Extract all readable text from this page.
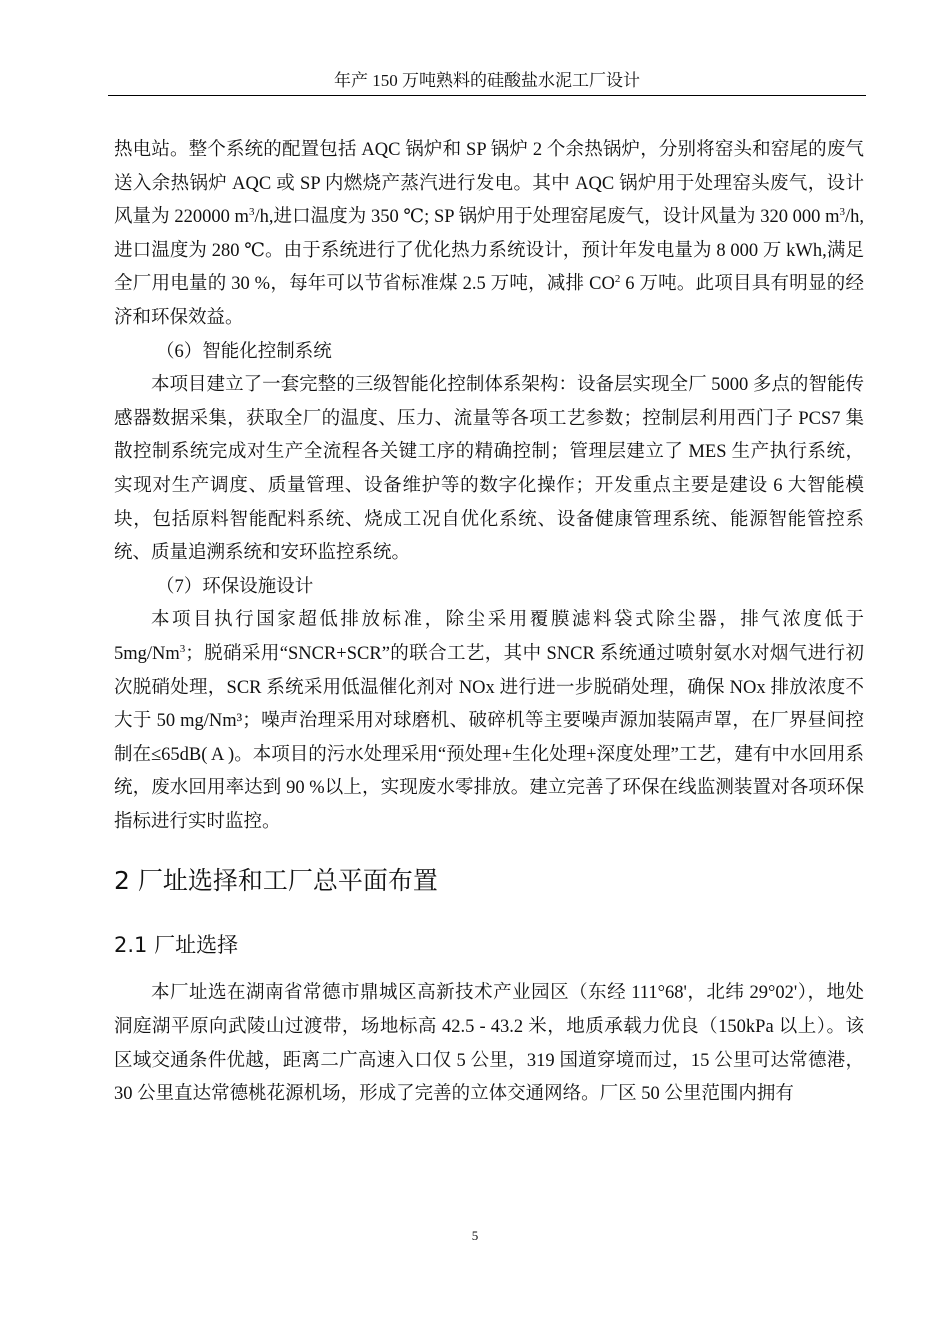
年产 150 万吨熟料的硅酸盐水泥工厂设计

热电站。整个系统的配置包括 AQC 锅炉和 SP 锅炉 2 个余热锅炉，分别将窑头和窑尾的废气送入余热锅炉 AQC 或 SP 内燃烧产蒸汽进行发电。其中 AQC 锅炉用于处理窑头废气，设计风量为 220000 $m^3/h$,进口温度为 350 ℃; SP 锅炉用于处理窑尾废气，设计风量为 320 000 $m^3/h$,进口温度为 280 ℃。由于系统进行了优化热力系统设计，预计年发电量为 8 000 万 kWh,满足全厂用电量的 30 %，每年可以节省标准煤 2.5 万吨，减排 $CO^2$ 6 万吨。此项目具有明显的经济和环保效益。

（6）智能化控制系统

本项目建立了一套完整的三级智能化控制体系架构：设备层实现全厂 5000 多点的智能传感器数据采集，获取全厂的温度、压力、流量等各项工艺参数；控制层利用西门子 PCS7 集散控制系统完成对生产全流程各关键工序的精确控制；管理层建立了 MES 生产执行系统，实现对生产调度、质量管理、设备维护等的数字化操作；开发重点主要是建设 6 大智能模块，包括原料智能配料系统、烧成工况自优化系统、设备健康管理系统、能源智能管控系统、质量追溯系统和安环监控系统。

（7）环保设施设计

本项目执行国家超低排放标准，除尘采用覆膜滤料袋式除尘器，排气浓度低于 5mg/Nm$^3$；脱硝采用“SNCR+SCR”的联合工艺，其中 SNCR 系统通过喷射氨水对烟气进行初次脱硝处理，SCR 系统采用低温催化剂对 NOx 进行进一步脱硝处理，确保 NOx 排放浓度不大于 50 mg/Nm³；噪声治理采用对球磨机、破碎机等主要噪声源加装隔声罩，在厂界昼间控制在≤65dB( A )。本项目的污水处理采用“预处理+生化处理+深度处理”工艺，建有中水回用系统，废水回用率达到 90 %以上，实现废水零排放。建立完善了环保在线监测装置对各项环保指标进行实时监控。

2 厂址选择和工厂总平面布置
2.1 厂址选择

本厂址选在湖南省常德市鼎城区高新技术产业园区（东经 111°68'，北纬 29°02'），地处洞庭湖平原向武陵山过渡带，场地标高 42.5 - 43.2 米，地质承载力优良（150kPa 以上）。该区域交通条件优越，距离二广高速入口仅 5 公里，319 国道穿境而过，15 公里可达常德港，30 公里直达常德桃花源机场，形成了完善的立体交通网络。厂区 50 公里范围内拥有

5
